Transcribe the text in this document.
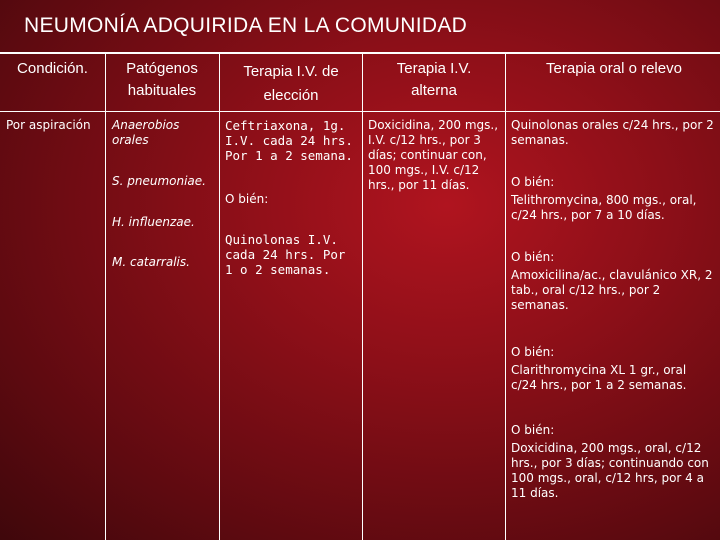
NEUMONÍA ADQUIRIDA EN LA COMUNIDAD
Condición.	Patógenos habituales
Terapia I.V. de elección
Terapia I.V. alterna
Terapia oral o relevo
Por aspiración	Anaerobios orales
S. pneumoniae.
H. influenzae.
M. catarralis.
Ceftriaxona, 1g. I.V. cada 24 hrs. Por 1 a 2 semana.
O bién:
Quinolonas I.V. cada 24 hrs. Por 1 o 2 semanas.
Doxicidina, 200 mgs., I.V. c/12 hrs., por 3 días; continuar con, 100 mgs., I.V. c/12 hrs., por 11 días.
Quinolonas orales c/24 hrs., por 2 semanas.
O bién:
Telithromycina, 800 mgs., oral, c/24 hrs., por 7 a 10 días.
O bién:
Amoxicilina/ac., clavulánico XR, 2 tab., oral c/12 hrs., por 2 semanas.
O bién:
Clarithromycina XL 1 gr., oral c/24 hrs., por 1 a 2 semanas.
O bién:
Doxicidina, 200 mgs., oral, c/12 hrs., por 3 días; continuando con 100 mgs., oral, c/12 hrs, por 4 a 11 días.
